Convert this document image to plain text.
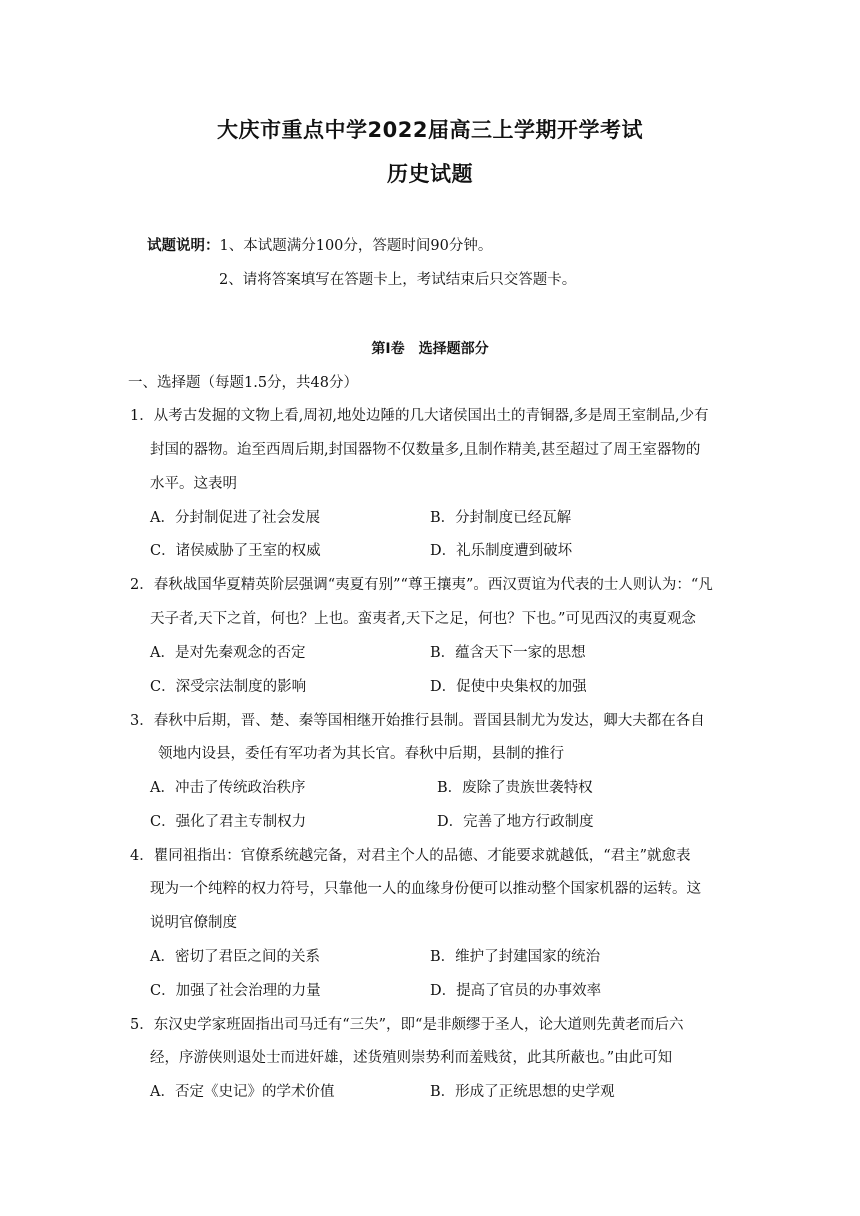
大庆市重点中学2022届高三上学期开学考试
历史试题
试题说明：1、本试题满分100分，答题时间90分钟。
2、请将答案填写在答题卡上，考试结束后只交答题卡。
第Ⅰ卷　选择题部分
一、选择题（每题1.5分，共48分）
1．从考古发掘的文物上看,周初,地处边陲的几大诸侯国出土的青铜器,多是周王室制品,少有
封国的器物。迨至西周后期,封国器物不仅数量多,且制作精美,甚至超过了周王室器物的
水平。这表明
A．分封制促进了社会发展	B．分封制度已经瓦解
C．诸侯威胁了王室的权威	D．礼乐制度遭到破坏
2．春秋战国华夏精英阶层强调“夷夏有别”“尊王攘夷”。西汉贾谊为代表的士人则认为：“凡
天子者,天下之首，何也？上也。蛮夷者,天下之足，何也？下也。”可见西汉的夷夏观念
A．是对先秦观念的否定	B．蕴含天下一家的思想
C．深受宗法制度的影响	D．促使中央集权的加强
3．春秋中后期，晋、楚、秦等国相继开始推行县制。晋国县制尤为发达，卿大夫都在各自
领地内设县，委任有军功者为其长官。春秋中后期，县制的推行
A．冲击了传统政治秩序	B．废除了贵族世袭特权
C．强化了君主专制权力	D．完善了地方行政制度
4．瞿同祖指出：官僚系统越完备，对君主个人的品德、才能要求就越低，“君主”就愈表
现为一个纯粹的权力符号，只靠他一人的血缘身份便可以推动整个国家机器的运转。这
说明官僚制度
A．密切了君臣之间的关系	B．维护了封建国家的统治
C．加强了社会治理的力量	D．提高了官员的办事效率
5．东汉史学家班固指出司马迁有“三失”，即“是非颇缪于圣人，论大道则先黄老而后六
经，序游侠则退处士而进奸雄，述货殖则崇势利而羞贱贫，此其所蔽也。”由此可知
A．否定《史记》的学术价值	B．形成了正统思想的史学观
